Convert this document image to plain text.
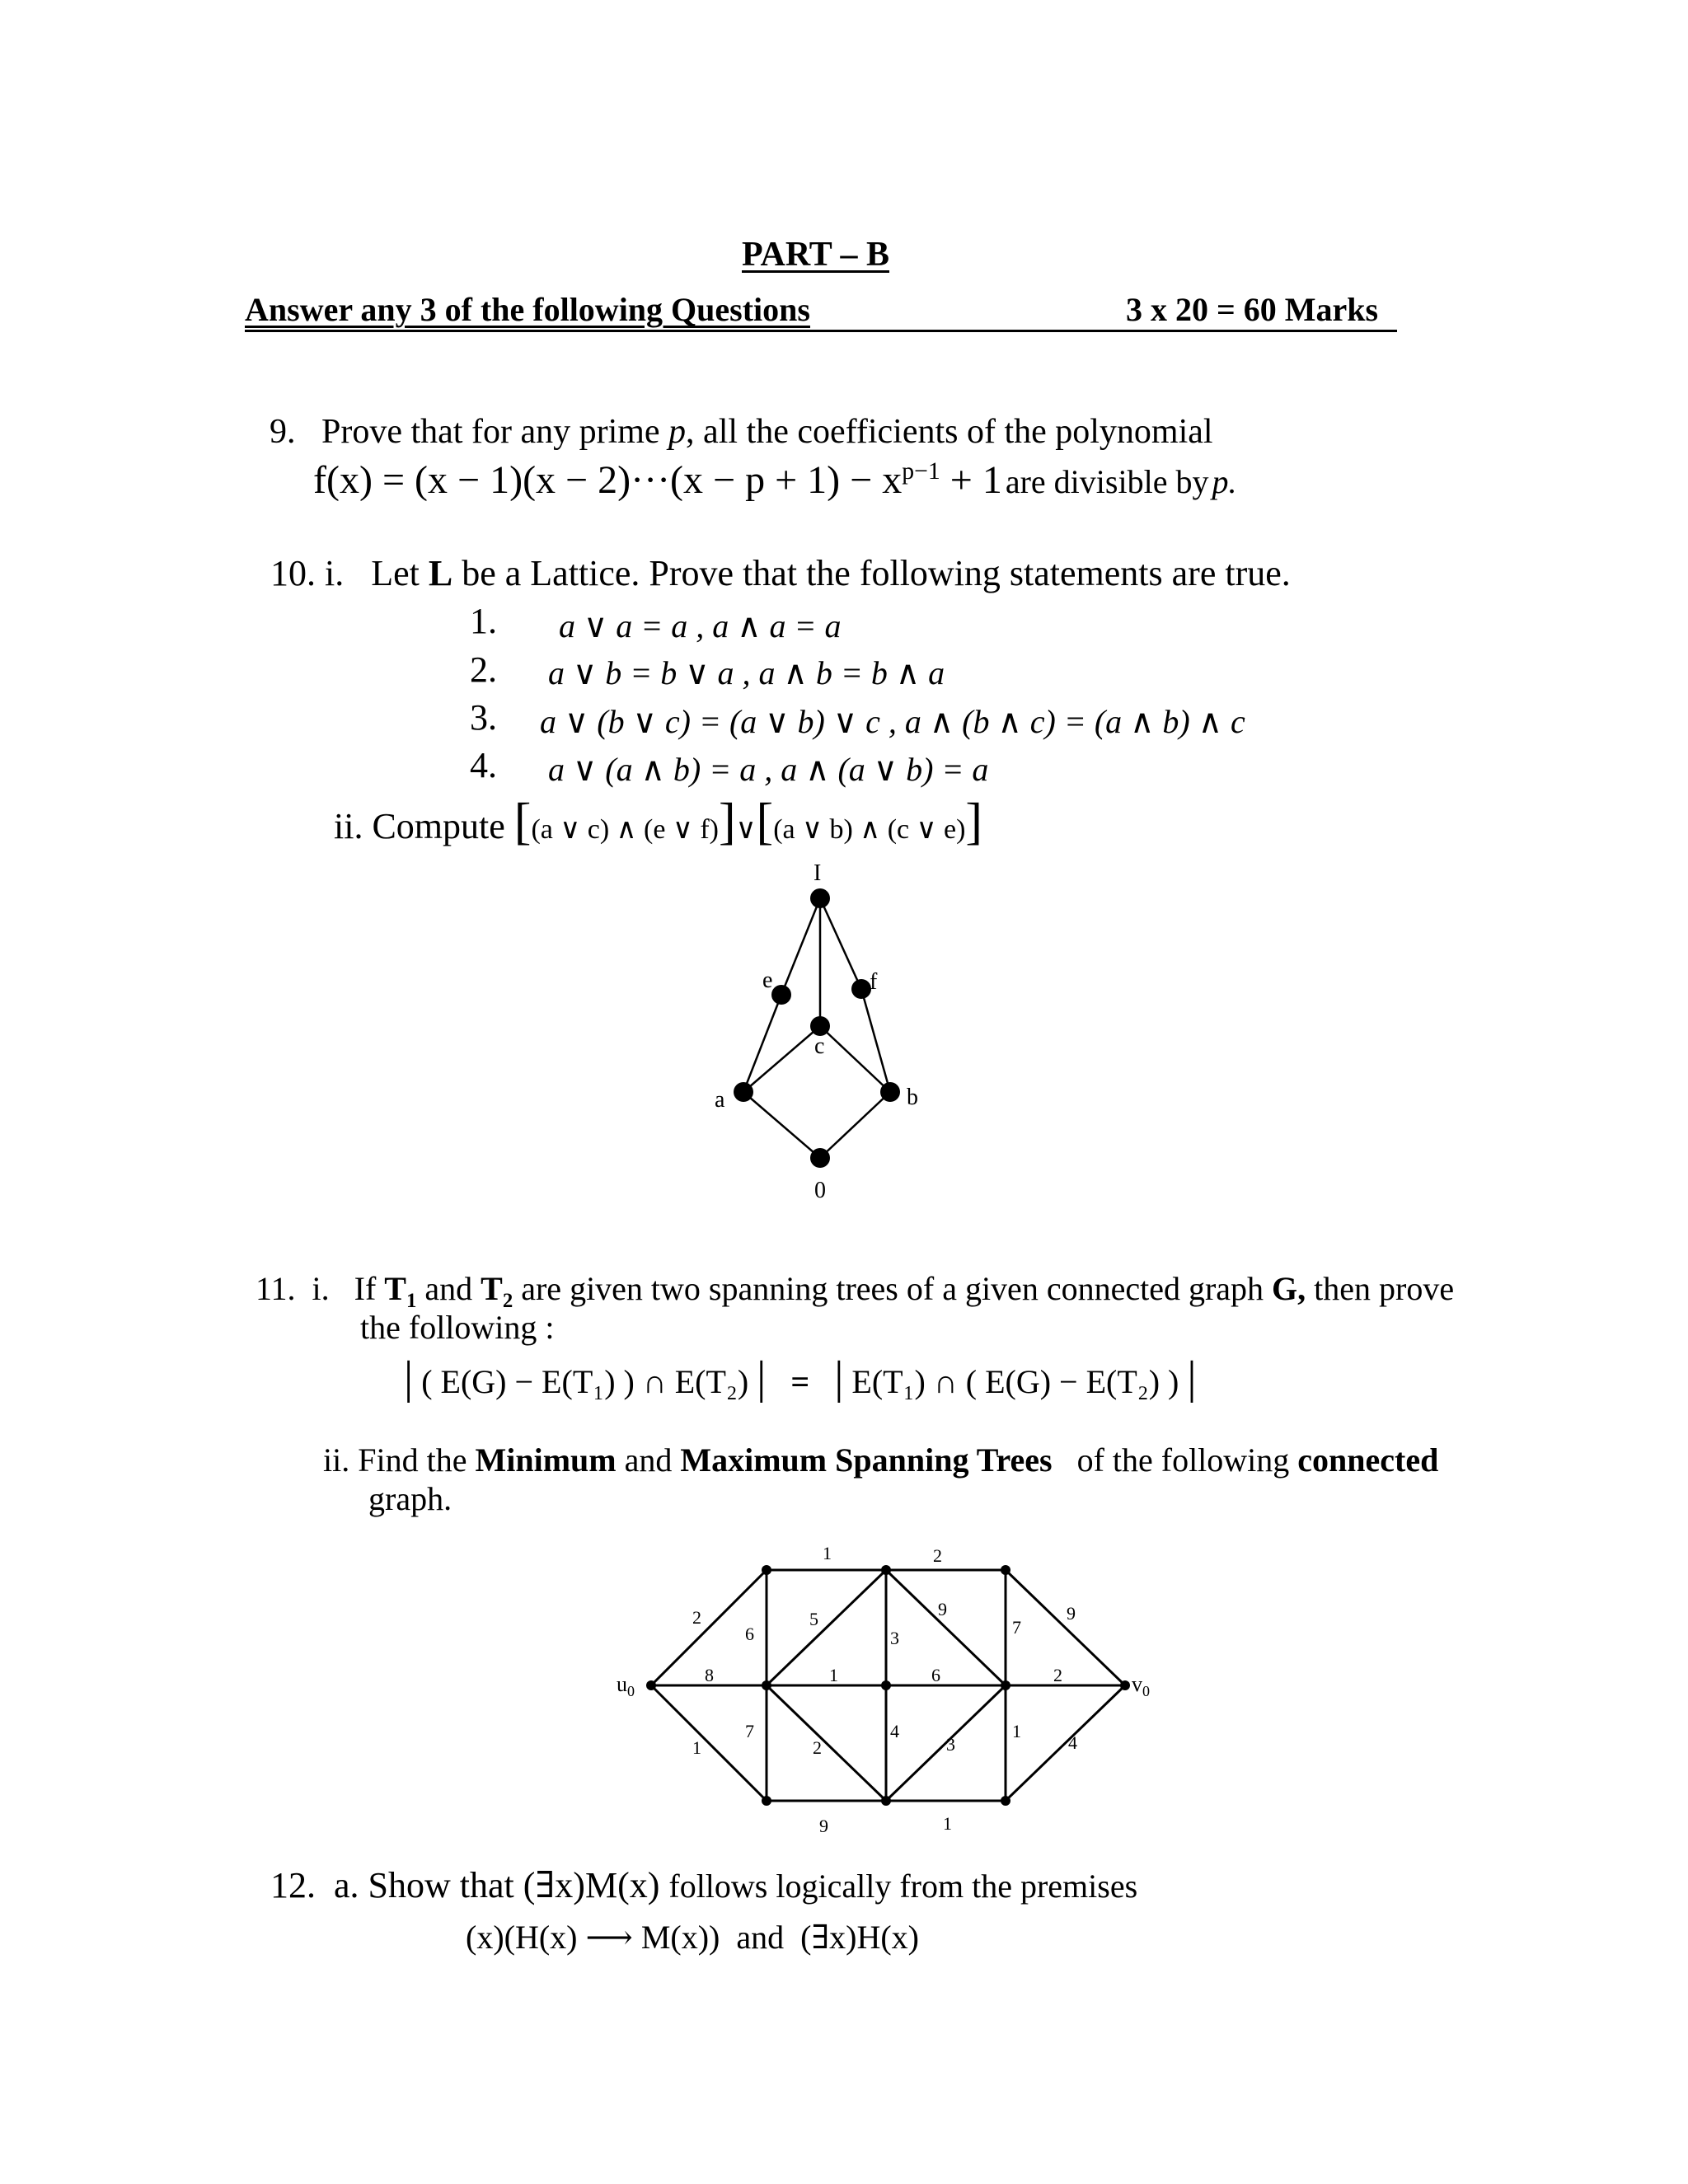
PART – B
Answer any 3 of the following Questions	3 x 20 = 60 Marks
9. Prove that for any prime p, all the coefficients of the polynomial
$f(x) = (x - 1)(x - 2)\cdot\cdot\cdot(x - p + 1) - x^{p-1} + 1$ are divisible by p.
10. i. Let L be a Lattice. Prove that the following statements are true.
1. a ∨ a = a , a ∧ a = a
2. a ∨ b = b ∨ a , a ∧ b = b ∧ a
3. a ∨ (b ∨ c) = (a ∨ b) ∨ c , a ∧ (b ∧ c) = (a ∧ b) ∧ c
4. a ∨ (a ∧ b) = a , a ∧ (a ∨ b) = a
ii. Compute [(a ∨ c) ∧ (e ∨ f)]∨[(a ∨ b) ∧ (c ∨ e)]
I
e	f
c
a	b
0
11. i. If $T_1$ and $T_2$ are given two spanning trees of a given connected graph G, then prove
the following :
| ( E(G) − E(T₁) ) ∩ E(T₂) | = | E(T₁) ∩ ( E(G) − E(T₂) ) |
ii. Find the Minimum and Maximum Spanning Trees of the following connected
graph.
$u_0$	$v_0$
1	2
2
6
5
3
9
7
9
8	1	6	2
7
2
4
3
1
1	4
9	1
12. a. Show that (∃x)M(x) follows logically from the premises
(x)(H(x) ⟶ M(x)) and (∃x)H(x)
